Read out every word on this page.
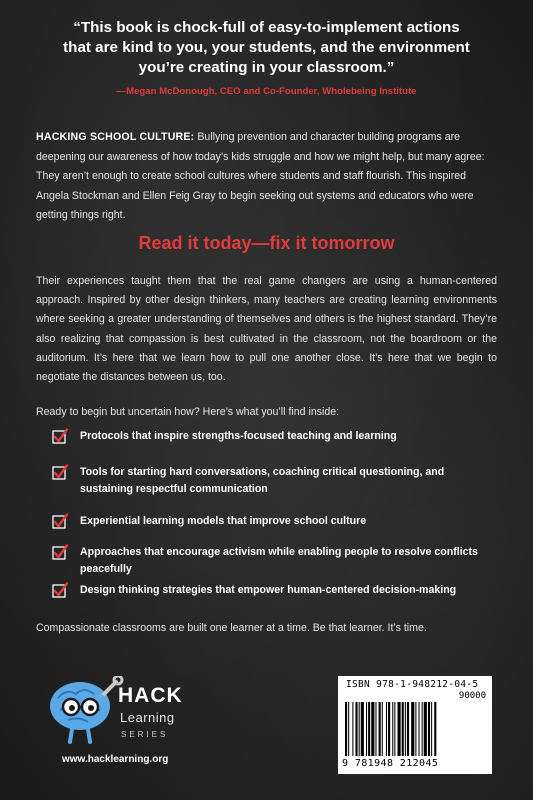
“This book is chock-full of easy-to-implement actions
that are kind to you, your students, and the environment
you’re creating in your classroom.”
—Megan McDonough, CEO and Co-Founder, Wholebeing Institute
HACKING SCHOOL CULTURE: Bullying prevention and character building programs are deepening our awareness of how today’s kids struggle and how we might help, but many agree: They aren’t enough to create school cultures where students and staff flourish. This inspired Angela Stockman and Ellen Feig Gray to begin seeking out systems and educators who were getting things right.
Read it today—fix it tomorrow
Their experiences taught them that the real game changers are using a human-centered approach. Inspired by other design thinkers, many teachers are creating learning environments where seeking a greater understanding of themselves and others is the highest standard. They’re also realizing that compassion is best cultivated in the classroom, not the boardroom or the auditorium. It’s here that we learn how to pull one another close. It’s here that we begin to negotiate the distances between us, too.
Ready to begin but uncertain how? Here’s what you’ll find inside:
Protocols that inspire strengths-focused teaching and learning
Tools for starting hard conversations, coaching critical questioning, and sustaining respectful communication
Experiential learning models that improve school culture
Approaches that encourage activism while enabling people to resolve conflicts peacefully
Design thinking strategies that empower human-centered decision-making
Compassionate classrooms are built one learner at a time. Be that learner. It’s time.
HACK
Learning
SERIES
www.hacklearning.org
ISBN 978-1-948212-04-5
90000
9 781948 212045
